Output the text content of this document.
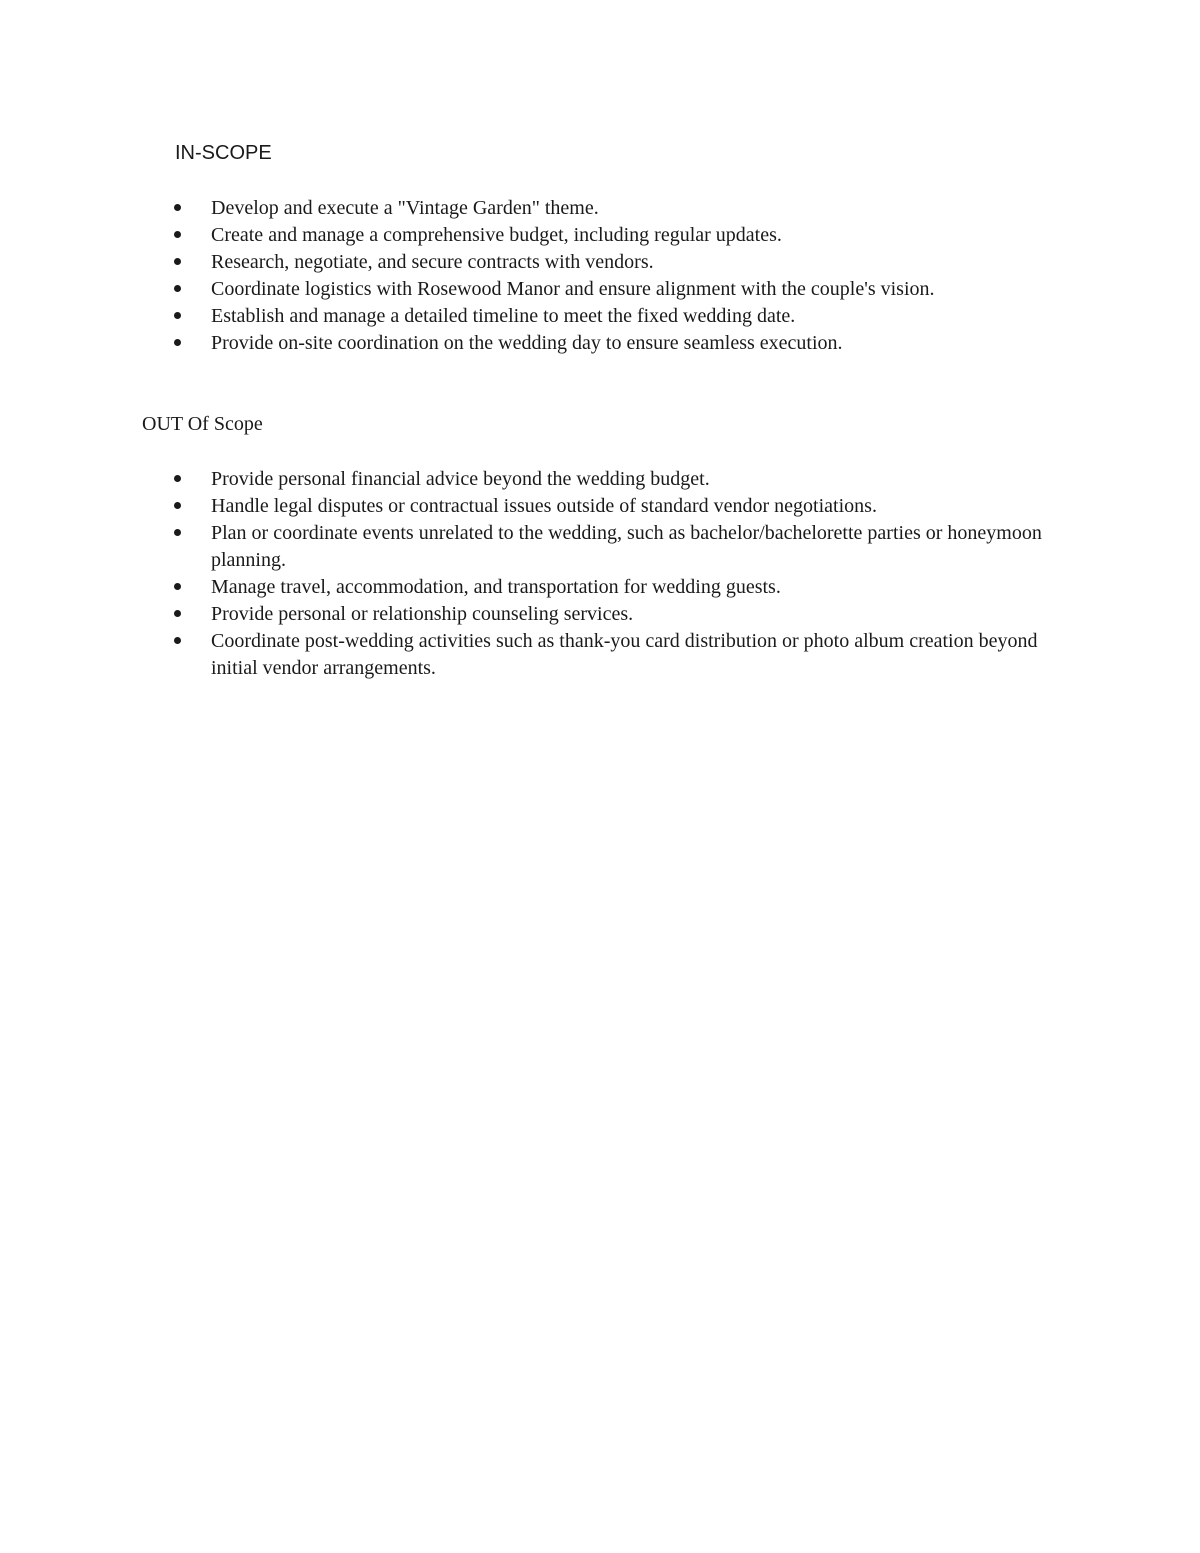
IN-SCOPE
Develop and execute a "Vintage Garden" theme.
Create and manage a comprehensive budget, including regular updates.
Research, negotiate, and secure contracts with vendors.
Coordinate logistics with Rosewood Manor and ensure alignment with the couple's vision.
Establish and manage a detailed timeline to meet the fixed wedding date.
Provide on-site coordination on the wedding day to ensure seamless execution.
OUT Of Scope
Provide personal financial advice beyond the wedding budget.
Handle legal disputes or contractual issues outside of standard vendor negotiations.
Plan or coordinate events unrelated to the wedding, such as bachelor/bachelorette parties or honeymoon planning.
Manage travel, accommodation, and transportation for wedding guests.
Provide personal or relationship counseling services.
Coordinate post-wedding activities such as thank-you card distribution or photo album creation beyond initial vendor arrangements.
